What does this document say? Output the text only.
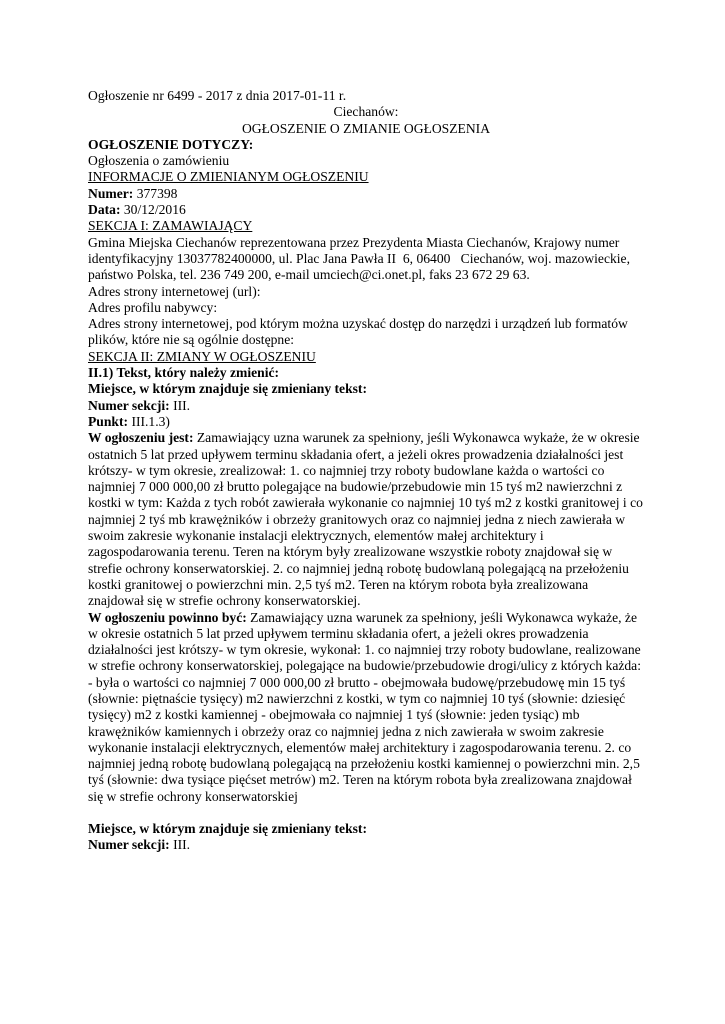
Ogłoszenie nr 6499 - 2017 z dnia 2017-01-11 r.

Ciechanów:

OGŁOSZENIE O ZMIANIE OGŁOSZENIA

OGŁOSZENIE DOTYCZY:

Ogłoszenia o zamówieniu

INFORMACJE O ZMIENIANYM OGŁOSZENIU

Numer: 377398

Data: 30/12/2016

SEKCJA I: ZAMAWIAJĄCY

Gmina Miejska Ciechanów reprezentowana przez Prezydenta Miasta Ciechanów, Krajowy numer identyfikacyjny 13037782400000, ul. Plac Jana Pawła II  6, 06400   Ciechanów, woj. mazowieckie, państwo Polska, tel. 236 749 200, e-mail umciech@ci.onet.pl, faks 23 672 29 63.

Adres strony internetowej (url):

Adres profilu nabywcy:

Adres strony internetowej, pod którym można uzyskać dostęp do narzędzi i urządzeń lub formatów plików, które nie są ogólnie dostępne:

SEKCJA II: ZMIANY W OGŁOSZENIU

II.1) Tekst, który należy zmienić:

Miejsce, w którym znajduje się zmieniany tekst:

Numer sekcji: III.

Punkt: III.1.3)

W ogłoszeniu jest: Zamawiający uzna warunek za spełniony, jeśli Wykonawca wykaże, że w okresie ostatnich 5 lat przed upływem terminu składania ofert, a jeżeli okres prowadzenia działalności jest krótszy- w tym okresie, zrealizował: 1. co najmniej trzy roboty budowlane każda o wartości co najmniej 7 000 000,00 zł brutto polegające na budowie/przebudowie min 15 tyś m2 nawierzchni z kostki w tym: Każda z tych robót zawierała wykonanie co najmniej 10 tyś m2 z kostki granitowej i co najmniej 2 tyś mb krawężników i obrzeży granitowych oraz co najmniej jedna z niech zawierała w swoim zakresie wykonanie instalacji elektrycznych, elementów małej architektury i zagospodarowania terenu. Teren na którym były zrealizowane wszystkie roboty znajdował się w strefie ochrony konserwatorskiej. 2. co najmniej jedną robotę budowlaną polegającą na przełożeniu kostki granitowej o powierzchni min. 2,5 tyś m2. Teren na którym robota była zrealizowana znajdował się w strefie ochrony konserwatorskiej.

W ogłoszeniu powinno być: Zamawiający uzna warunek za spełniony, jeśli Wykonawca wykaże, że w okresie ostatnich 5 lat przed upływem terminu składania ofert, a jeżeli okres prowadzenia działalności jest krótszy- w tym okresie, wykonał: 1. co najmniej trzy roboty budowlane, realizowane w strefie ochrony konserwatorskiej, polegające na budowie/przebudowie drogi/ulicy z których każda: - była o wartości co najmniej 7 000 000,00 zł brutto - obejmowała budowę/przebudowę min 15 tyś (słownie: piętnaście tysięcy) m2 nawierzchni z kostki, w tym co najmniej 10 tyś (słownie: dziesięć tysięcy) m2 z kostki kamiennej - obejmowała co najmniej 1 tyś (słownie: jeden tysiąc) mb krawężników kamiennych i obrzeży oraz co najmniej jedna z nich zawierała w swoim zakresie wykonanie instalacji elektrycznych, elementów małej architektury i zagospodarowania terenu. 2. co najmniej jedną robotę budowlaną polegającą na przełożeniu kostki kamiennej o powierzchni min. 2,5 tyś (słownie: dwa tysiące pięćset metrów) m2. Teren na którym robota była zrealizowana znajdował się w strefie ochrony konserwatorskiej

Miejsce, w którym znajduje się zmieniany tekst:

Numer sekcji: III.
